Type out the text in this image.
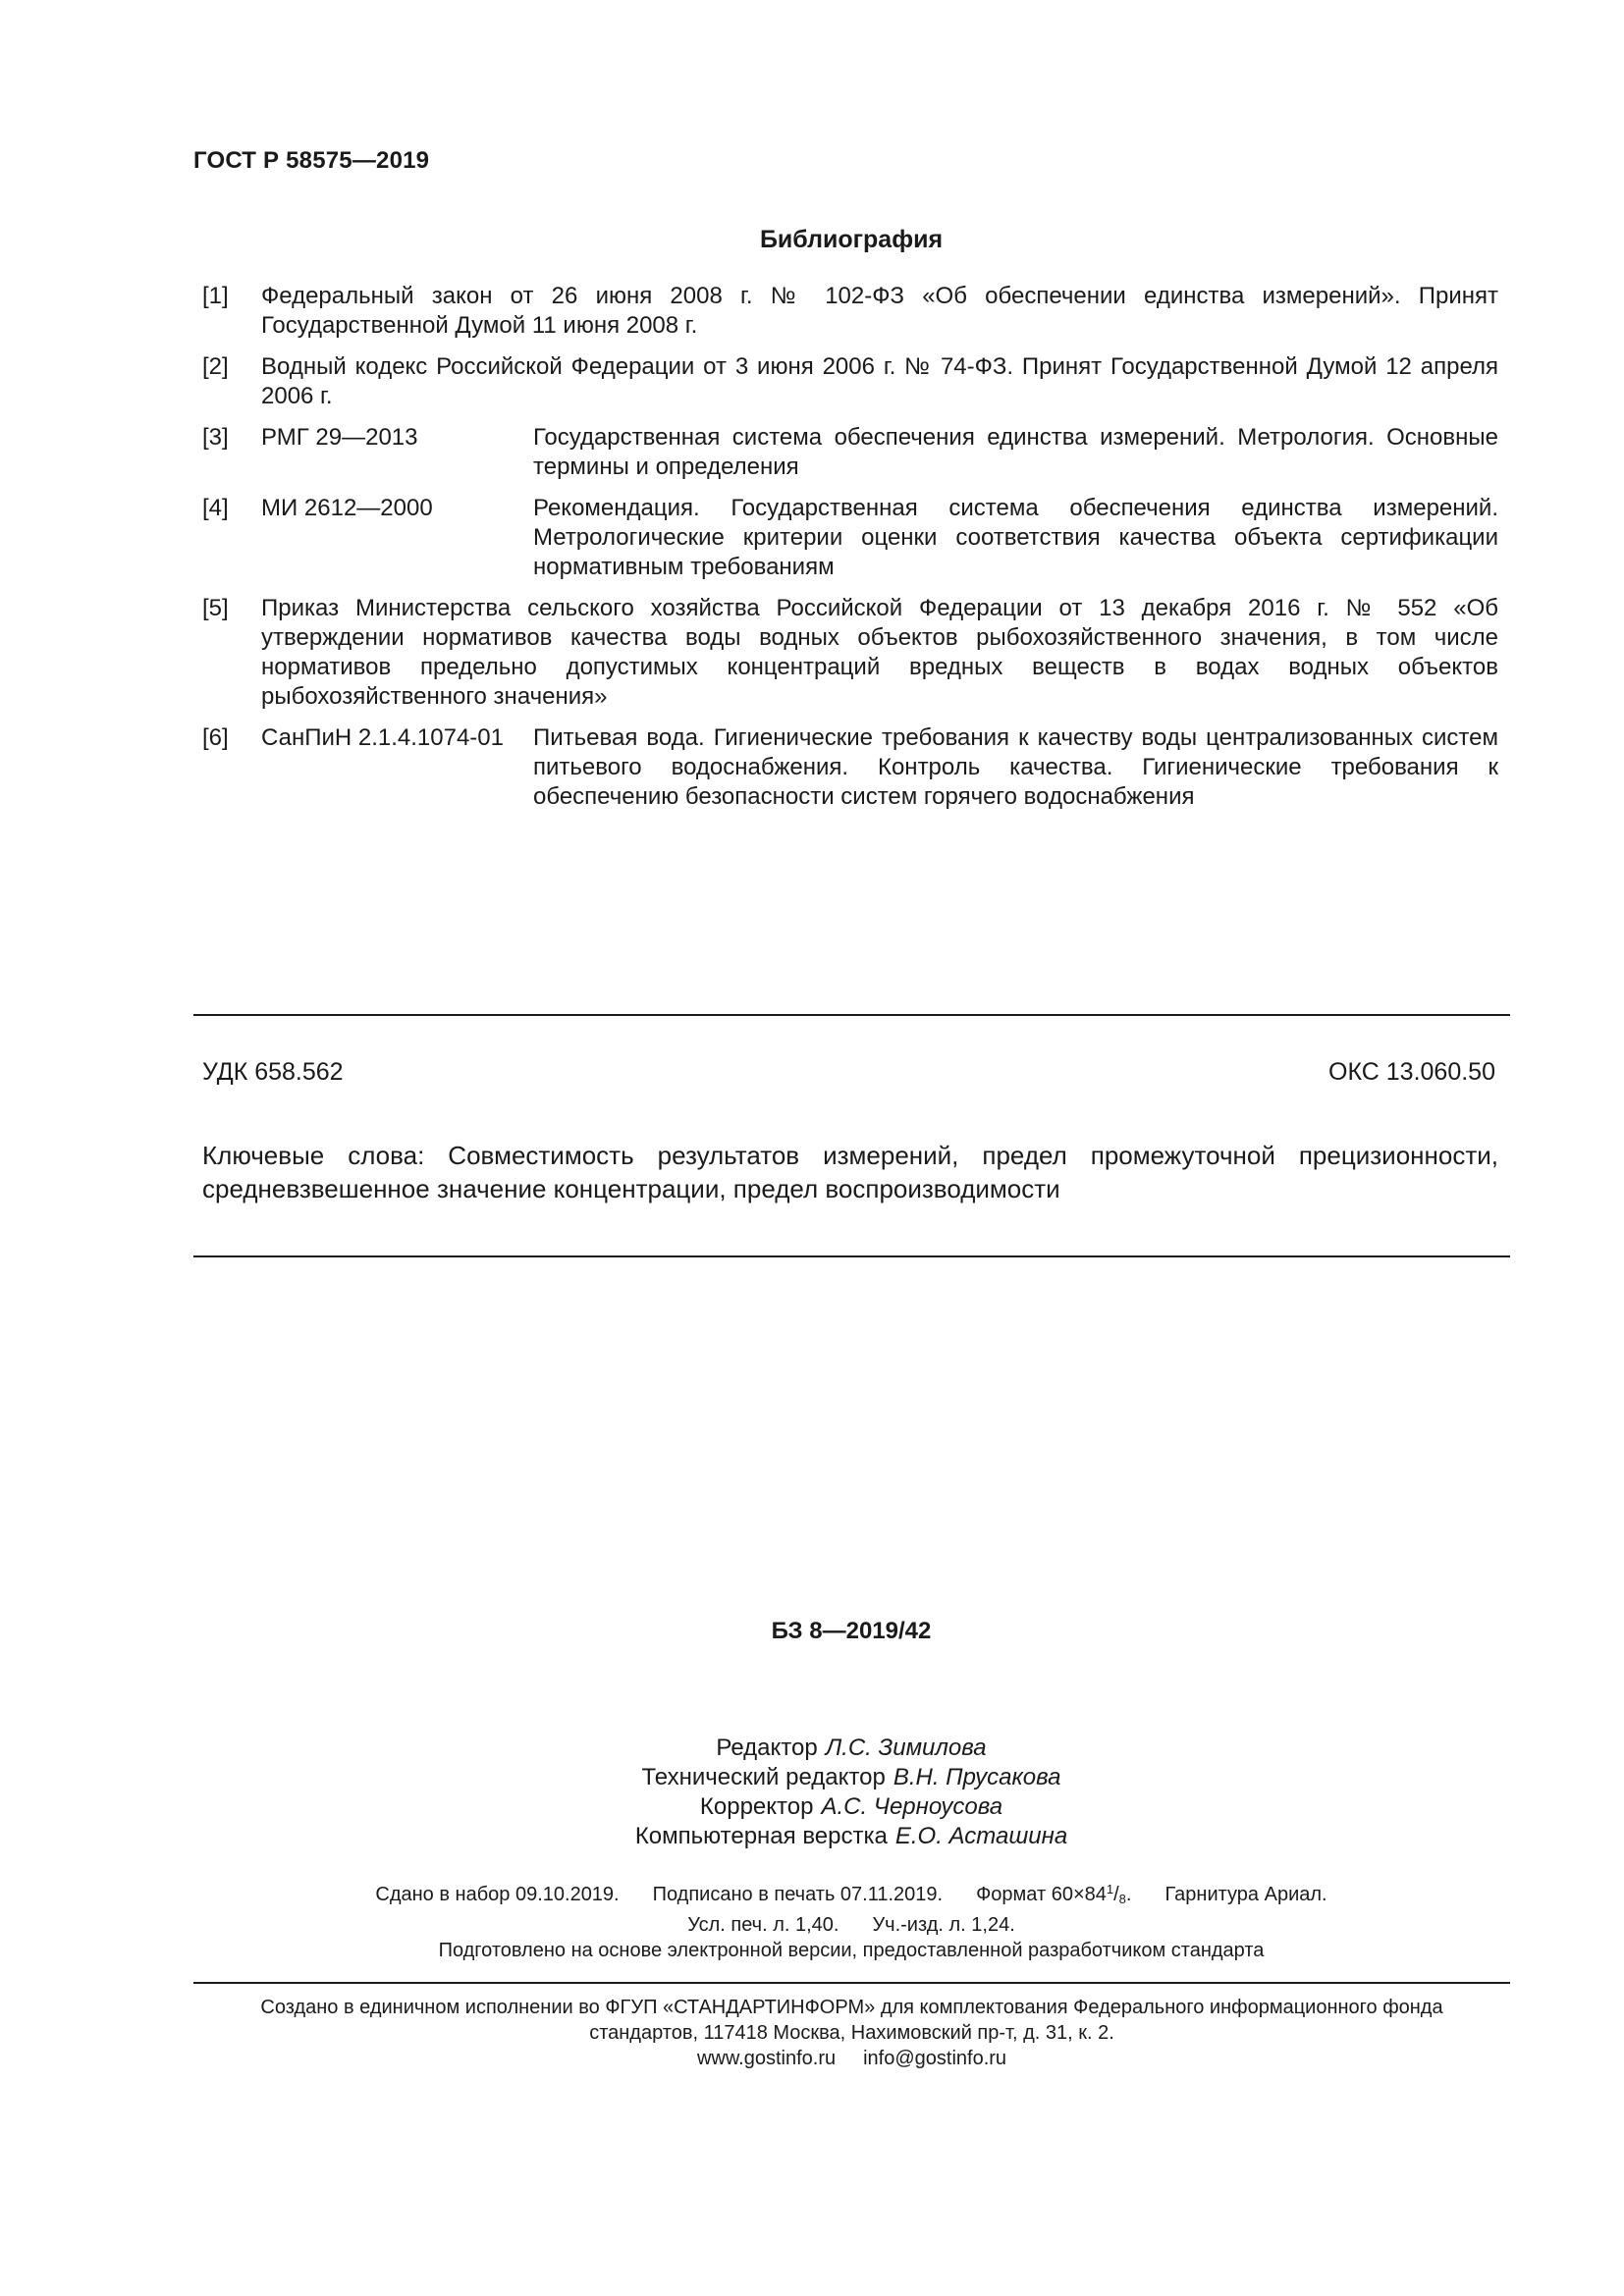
ГОСТ Р 58575—2019
Библиография
[1]	Федеральный закон от 26 июня 2008 г. № 102-ФЗ «Об обеспечении единства измерений». Принят Государственной Думой 11 июня 2008 г.
[2]	Водный кодекс Российской Федерации от 3 июня 2006 г. № 74-ФЗ. Принят Государственной Думой 12 апреля 2006 г.
[3]	РМГ 29—2013	Государственная система обеспечения единства измерений. Метрология. Основные термины и определения
[4]	МИ 2612—2000	Рекомендация. Государственная система обеспечения единства измерений. Метрологические критерии оценки соответствия качества объекта сертификации нормативным требованиям
[5]	Приказ Министерства сельского хозяйства Российской Федерации от 13 декабря 2016 г. № 552 «Об утверждении нормативов качества воды водных объектов рыбохозяйственного значения, в том числе нормативов предельно допустимых концентраций вредных веществ в водах водных объектов рыбохозяйственного значения»
[6]	СанПиН 2.1.4.1074-01	Питьевая вода. Гигиенические требования к качеству воды централизованных систем питьевого водоснабжения. Контроль качества. Гигиенические требования к обеспечению безопасности систем горячего водоснабжения
УДК 658.562	ОКС 13.060.50
Ключевые слова: Совместимость результатов измерений, предел промежуточной прецизионности, средневзвешенное значение концентрации, предел воспроизводимости
БЗ 8—2019/42
Редактор Л.С. Зимилова
Технический редактор В.Н. Прусакова
Корректор А.С. Черноусова
Компьютерная верстка Е.О. Асташина
Сдано в набор 09.10.2019. Подписано в печать 07.11.2019. Формат $60\times 84^1/_8$. Гарнитура Ариал.
Усл. печ. л. 1,40. Уч.-изд. л. 1,24.
Подготовлено на основе электронной версии, предоставленной разработчиком стандарта
Создано в единичном исполнении во ФГУП «СТАНДАРТИНФОРМ» для комплектования Федерального информационного фонда
стандартов, 117418 Москва, Нахимовский пр-т, д. 31, к. 2.
www.gostinfo.ru info@gostinfo.ru
